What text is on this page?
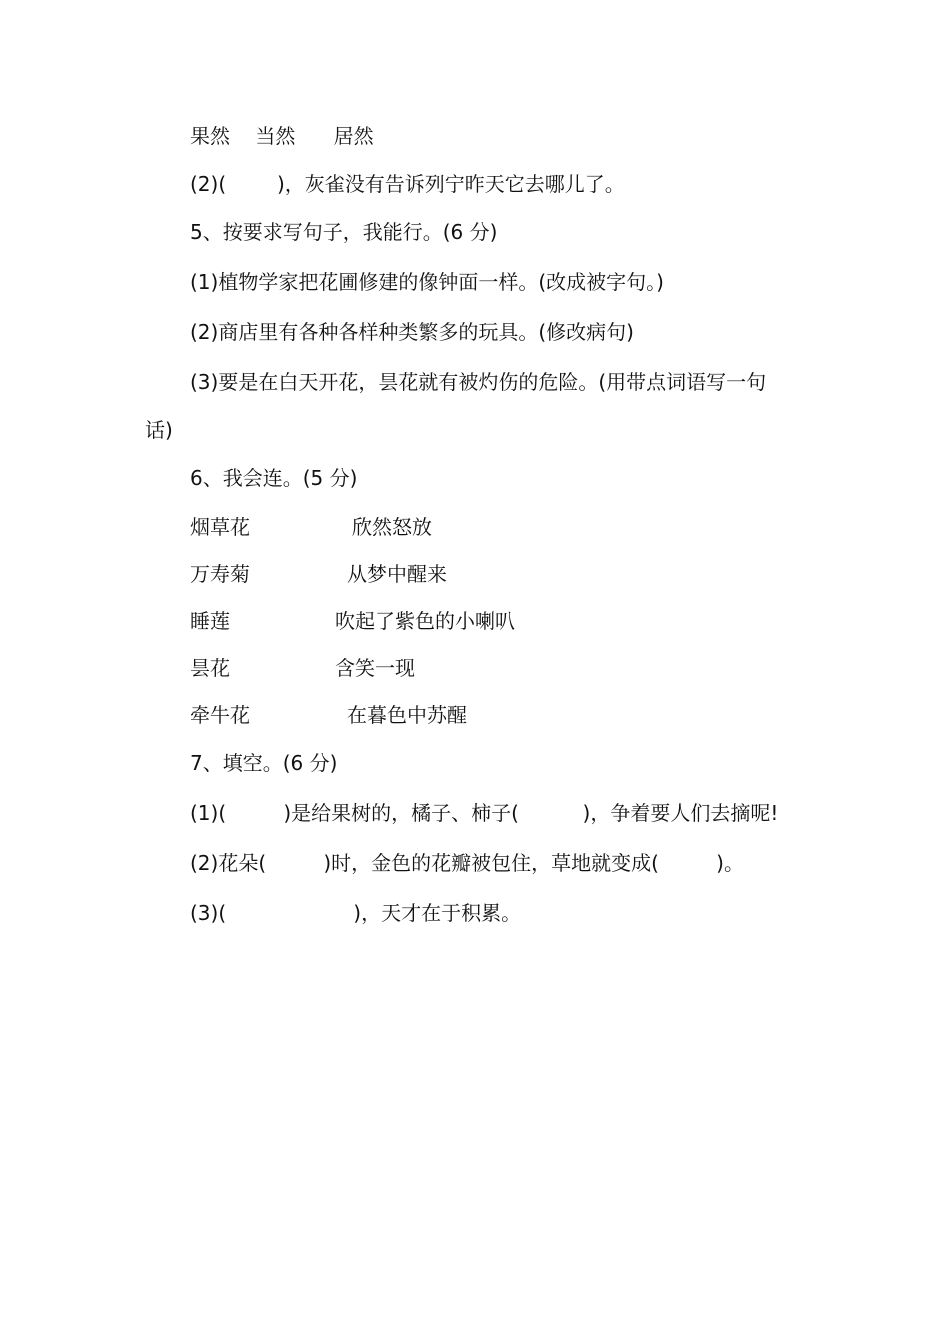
果然    当然      居然

(2)(        )，灰雀没有告诉列宁昨天它去哪儿了。

5、按要求写句子，我能行。(6 分)

(1)植物学家把花圃修建的像钟面一样。(改成被字句。)

(2)商店里有各种各样种类繁多的玩具。(修改病句)

(3)要是在白天开花，昙花就有被灼伤的危险。(用带点词语写一句

话)

6、我会连。(5 分)

烟草花	欣然怒放
万寿菊	从梦中醒来
睡莲	吹起了紫色的小喇叭
昙花	含笑一现
牵牛花	在暮色中苏醒

7、填空。(6 分)

(1)(         )是给果树的，橘子、柿子(          )，争着要人们去摘呢!

(2)花朵(         )时，金色的花瓣被包住，草地就变成(         )。

(3)(                    )，天才在于积累。
